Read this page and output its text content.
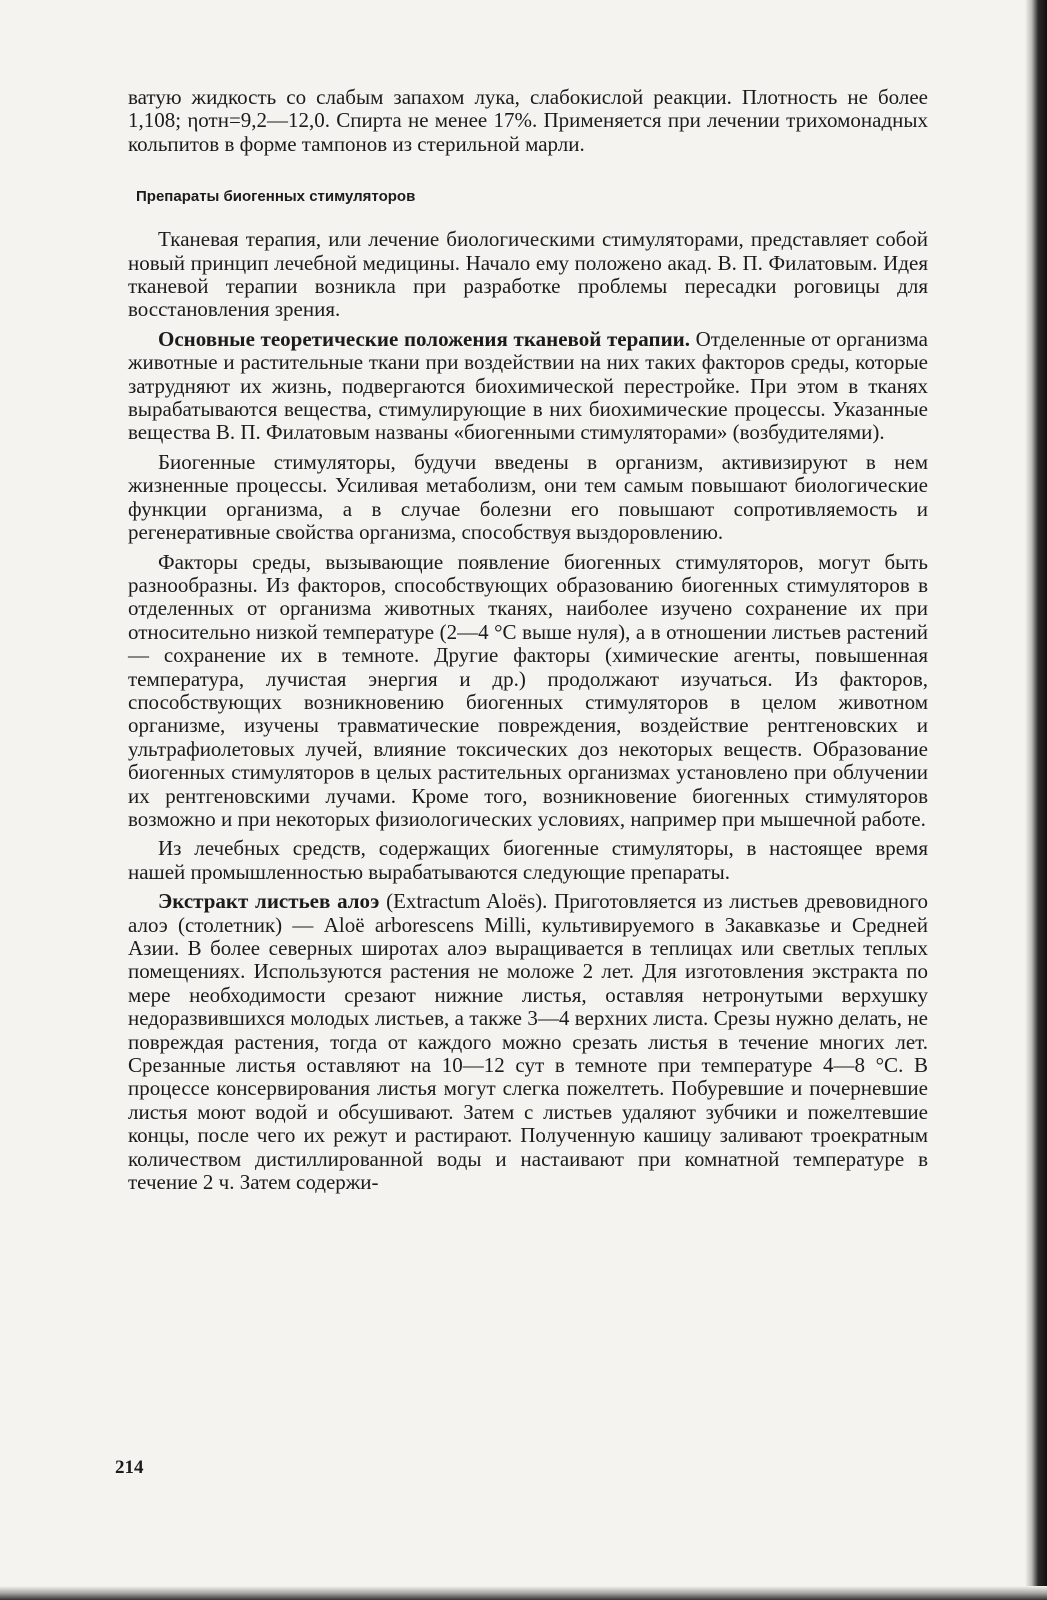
ватую жидкость со слабым запахом лука, слабокислой реакции. Плотность не более 1,108; ηотн=9,2—12,0. Спирта не менее 17%. Применяется при лечении трихомонадных кольпитов в форме тампонов из стерильной марли.

Препараты биогенных стимуляторов

Тканевая терапия, или лечение биологическими стимуляторами, представляет собой новый принцип лечебной медицины. Начало ему положено акад. В. П. Филатовым. Идея тканевой терапии возникла при разработке проблемы пересадки роговицы для восстановления зрения.

Основные теоретические положения тканевой терапии. Отделенные от организма животные и растительные ткани при воздействии на них таких факторов среды, которые затрудняют их жизнь, подвергаются биохимической перестройке. При этом в тканях вырабатываются вещества, стимулирующие в них биохимические процессы. Указанные вещества В. П. Филатовым названы «биогенными стимуляторами» (возбудителями).

Биогенные стимуляторы, будучи введены в организм, активизируют в нем жизненные процессы. Усиливая метаболизм, они тем самым повышают биологические функции организма, а в случае болезни его повышают сопротивляемость и регенеративные свойства организма, способствуя выздоровлению.

Факторы среды, вызывающие появление биогенных стимуляторов, могут быть разнообразны. Из факторов, способствующих образованию биогенных стимуляторов в отделенных от организма животных тканях, наиболее изучено сохранение их при относительно низкой температуре (2—4 °С выше нуля), а в отношении листьев растений — сохранение их в темноте. Другие факторы (химические агенты, повышенная температура, лучистая энергия и др.) продолжают изучаться. Из факторов, способствующих возникновению биогенных стимуляторов в целом животном организме, изучены травматические повреждения, воздействие рентгеновских и ультрафиолетовых лучей, влияние токсических доз некоторых веществ. Образование биогенных стимуляторов в целых растительных организмах установлено при облучении их рентгеновскими лучами. Кроме того, возникновение биогенных стимуляторов возможно и при некоторых физиологических условиях, например при мышечной работе.

Из лечебных средств, содержащих биогенные стимуляторы, в настоящее время нашей промышленностью вырабатываются следующие препараты.

Экстракт листьев алоэ (Extractum Aloës). Приготовляется из листьев древовидного алоэ (столетник) — Aloë arborescens Milli, культивируемого в Закавказье и Средней Азии. В более северных широтах алоэ выращивается в теплицах или светлых теплых помещениях. Используются растения не моложе 2 лет. Для изготовления экстракта по мере необходимости срезают нижние листья, оставляя нетронутыми верхушку недоразвившихся молодых листьев, а также 3—4 верхних листа. Срезы нужно делать, не повреждая растения, тогда от каждого можно срезать листья в течение многих лет. Срезанные листья оставляют на 10—12 сут в темноте при температуре 4—8 °С. В процессе консервирования листья могут слегка пожелтеть. Побуревшие и почерневшие листья моют водой и обсушивают. Затем с листьев удаляют зубчики и пожелтевшие концы, после чего их режут и растирают. Полученную кашицу заливают троекратным количеством дистиллированной воды и настаивают при комнатной температуре в течение 2 ч. Затем содержи-

214
